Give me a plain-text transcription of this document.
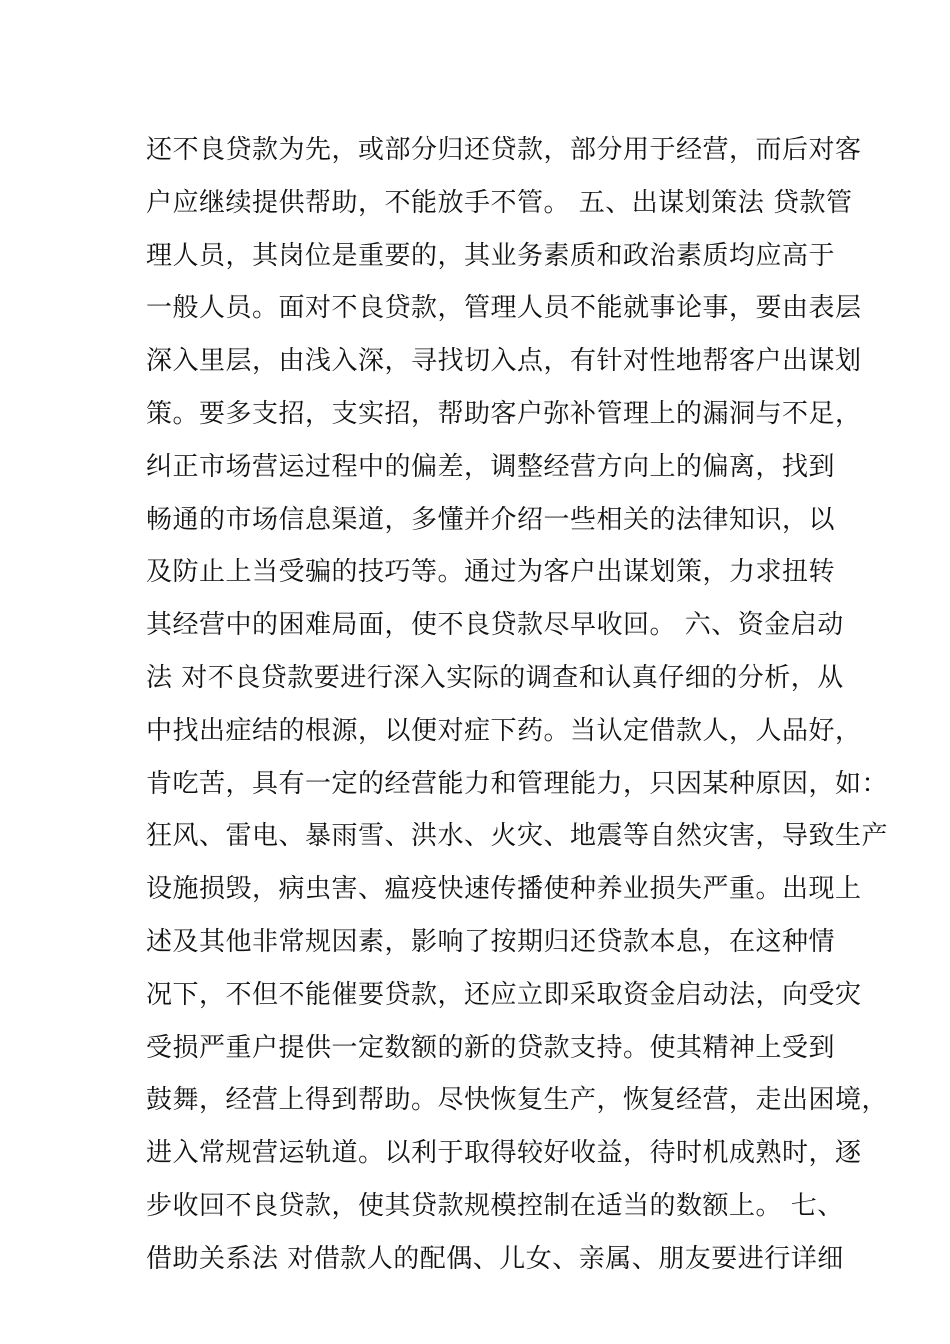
还不良贷款为先，或部分归还贷款，部分用于经营，而后对客
户应继续提供帮助，不能放手不管。 五、出谋划策法 贷款管
理人员，其岗位是重要的，其业务素质和政治素质均应高于
一般人员。面对不良贷款，管理人员不能就事论事，要由表层
深入里层，由浅入深，寻找切入点，有针对性地帮客户出谋划
策。要多支招，支实招，帮助客户弥补管理上的漏洞与不足，
纠正市场营运过程中的偏差，调整经营方向上的偏离，找到
畅通的市场信息渠道，多懂并介绍一些相关的法律知识，以
及防止上当受骗的技巧等。通过为客户出谋划策，力求扭转
其经营中的困难局面，使不良贷款尽早收回。 六、资金启动
法 对不良贷款要进行深入实际的调查和认真仔细的分析，从
中找出症结的根源，以便对症下药。当认定借款人，人品好，
肯吃苦，具有一定的经营能力和管理能力，只因某种原因，如：
狂风、雷电、暴雨雪、洪水、火灾、地震等自然灾害，导致生产
设施损毁，病虫害、瘟疫快速传播使种养业损失严重。出现上
述及其他非常规因素，影响了按期归还贷款本息，在这种情
况下，不但不能催要贷款，还应立即采取资金启动法，向受灾
受损严重户提供一定数额的新的贷款支持。使其精神上受到
鼓舞，经营上得到帮助。尽快恢复生产，恢复经营，走出困境，
进入常规营运轨道。以利于取得较好收益，待时机成熟时，逐
步收回不良贷款，使其贷款规模控制在适当的数额上。 七、
借助关系法 对借款人的配偶、儿女、亲属、朋友要进行详细
